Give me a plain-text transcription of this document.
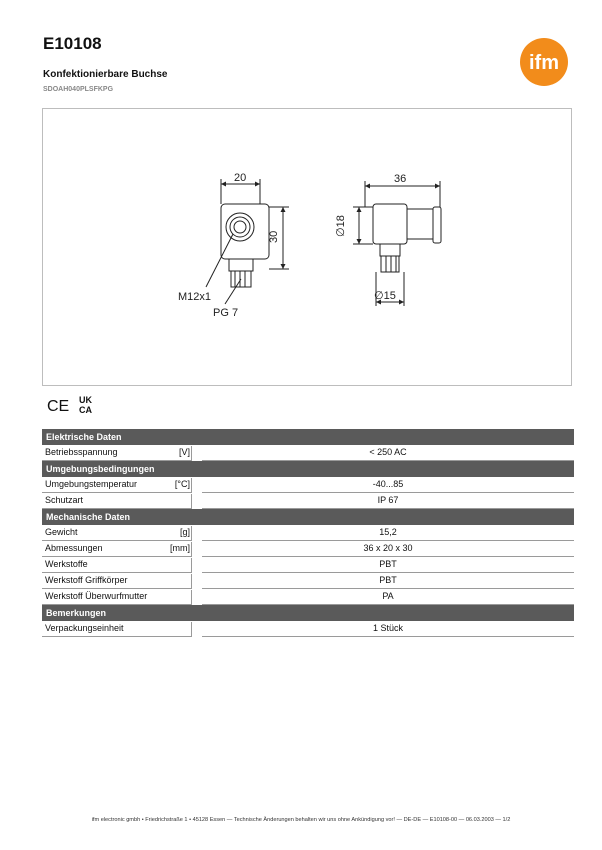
E10108
Konfektionierbare Buchse
SDOAH040PLSFKPG
ifm
20
30
M12x1
PG 7
36
∅18
∅15
CE UK
CA
Elektrische Daten
Betriebsspannung	[V]	< 250 AC
Umgebungsbedingungen
Umgebungstemperatur	[°C]	-40...85
Schutzart	IP 67
Mechanische Daten
Gewicht	[g]	15,2
Abmessungen	[mm]	36 x 20 x 30
Werkstoffe	PBT
Werkstoff Griffkörper	PBT
Werkstoff Überwurfmutter	PA
Bemerkungen
Verpackungseinheit	1 Stück
ifm electronic gmbh • Friedrichstraße 1 • 45128 Essen — Technische Änderungen behalten wir uns ohne Ankündigung vor! — DE-DE — E10108-00 — 06.03.2003 — 1/2
